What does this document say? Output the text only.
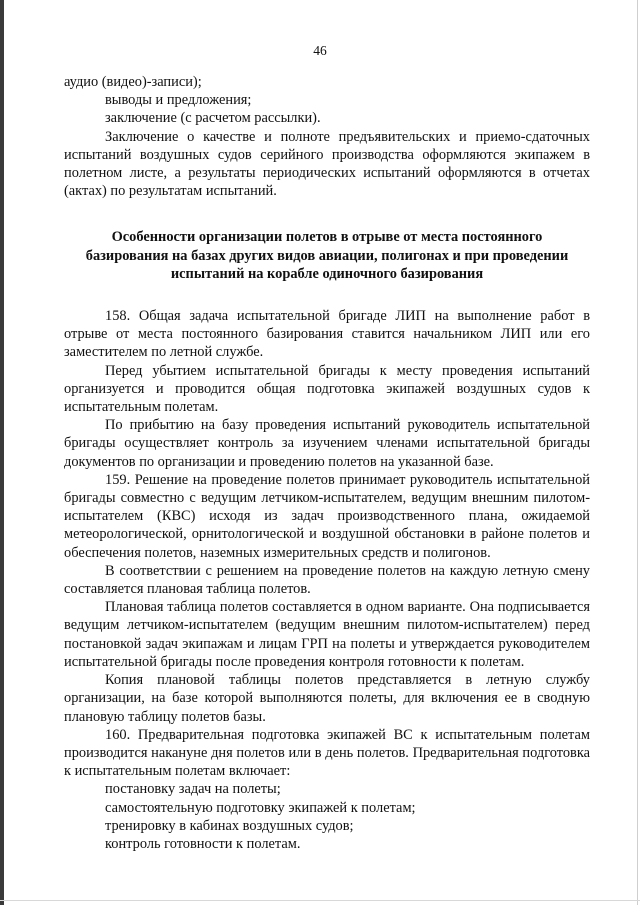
46

аудио (видео)-записи);

выводы и предложения;

заключение (с расчетом рассылки).

Заключение о качестве и полноте предъявительских и приемо-сдаточных испытаний воздушных судов серийного производства оформляются экипажем в полетном листе, а результаты периодических испытаний оформляются в отчетах (актах) по результатам испытаний.

Особенности организации полетов в отрыве от места постоянного
базирования на базах других видов авиации, полигонах и при проведении
испытаний на корабле одиночного базирования

158. Общая задача испытательной бригаде ЛИП на выполнение работ в отрыве от места постоянного базирования ставится начальником ЛИП или его заместителем по летной службе.

Перед убытием испытательной бригады к месту проведения испытаний организуется и проводится общая подготовка экипажей воздушных судов к испытательным полетам.

По прибытию на базу проведения испытаний руководитель испытательной бригады осуществляет контроль за изучением членами испытательной бригады документов по организации и проведению полетов на указанной базе.

159. Решение на проведение полетов принимает руководитель испытательной бригады совместно с ведущим летчиком-испытателем, ведущим внешним пилотом-испытателем (КВС) исходя из задач производственного плана, ожидаемой метеорологической, орнитологической и воздушной обстановки в районе полетов и обеспечения полетов, наземных измерительных средств и полигонов.

В соответствии с решением на проведение полетов на каждую летную смену составляется плановая таблица полетов.

Плановая таблица полетов составляется в одном варианте. Она подписывается ведущим летчиком-испытателем (ведущим внешним пилотом-испытателем) перед постановкой задач экипажам и лицам ГРП на полеты и утверждается руководителем испытательной бригады после проведения контроля готовности к полетам.

Копия плановой таблицы полетов представляется в летную службу организации, на базе которой выполняются полеты, для включения ее в сводную плановую таблицу полетов базы.

160. Предварительная подготовка экипажей ВС к испытательным полетам производится накануне дня полетов или в день полетов. Предварительная подготовка к испытательным полетам включает:

постановку задач на полеты;

самостоятельную подготовку экипажей к полетам;

тренировку в кабинах воздушных судов;

контроль готовности к полетам.
